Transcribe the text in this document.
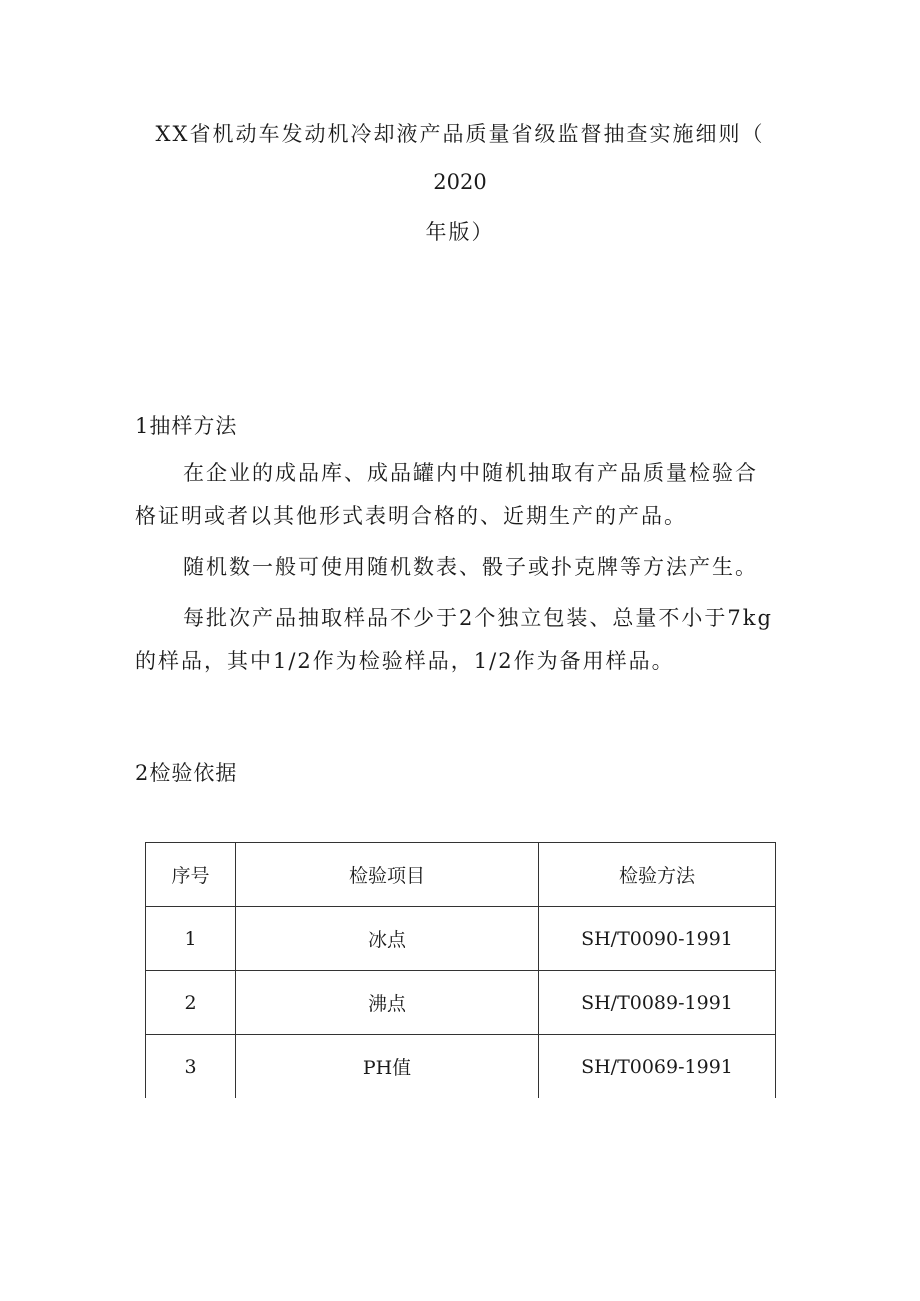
XX省机动车发动机冷却液产品质量省级监督抽查实施细则（
2020
年版）
1抽样方法

在企业的成品库、成品罐内中随机抽取有产品质量检验合格证明或者以其他形式表明合格的、近期生产的产品。

随机数一般可使用随机数表、骰子或扑克牌等方法产生。

每批次产品抽取样品不少于2个独立包装、总量不小于7kg的样品，其中1/2作为检验样品，1/2作为备用样品。

2检验依据
序号	检验项目	检验方法
1	冰点	SH/T0090-1991
2	沸点	SH/T0089-1991
3	PH值	SH/T0069-1991
